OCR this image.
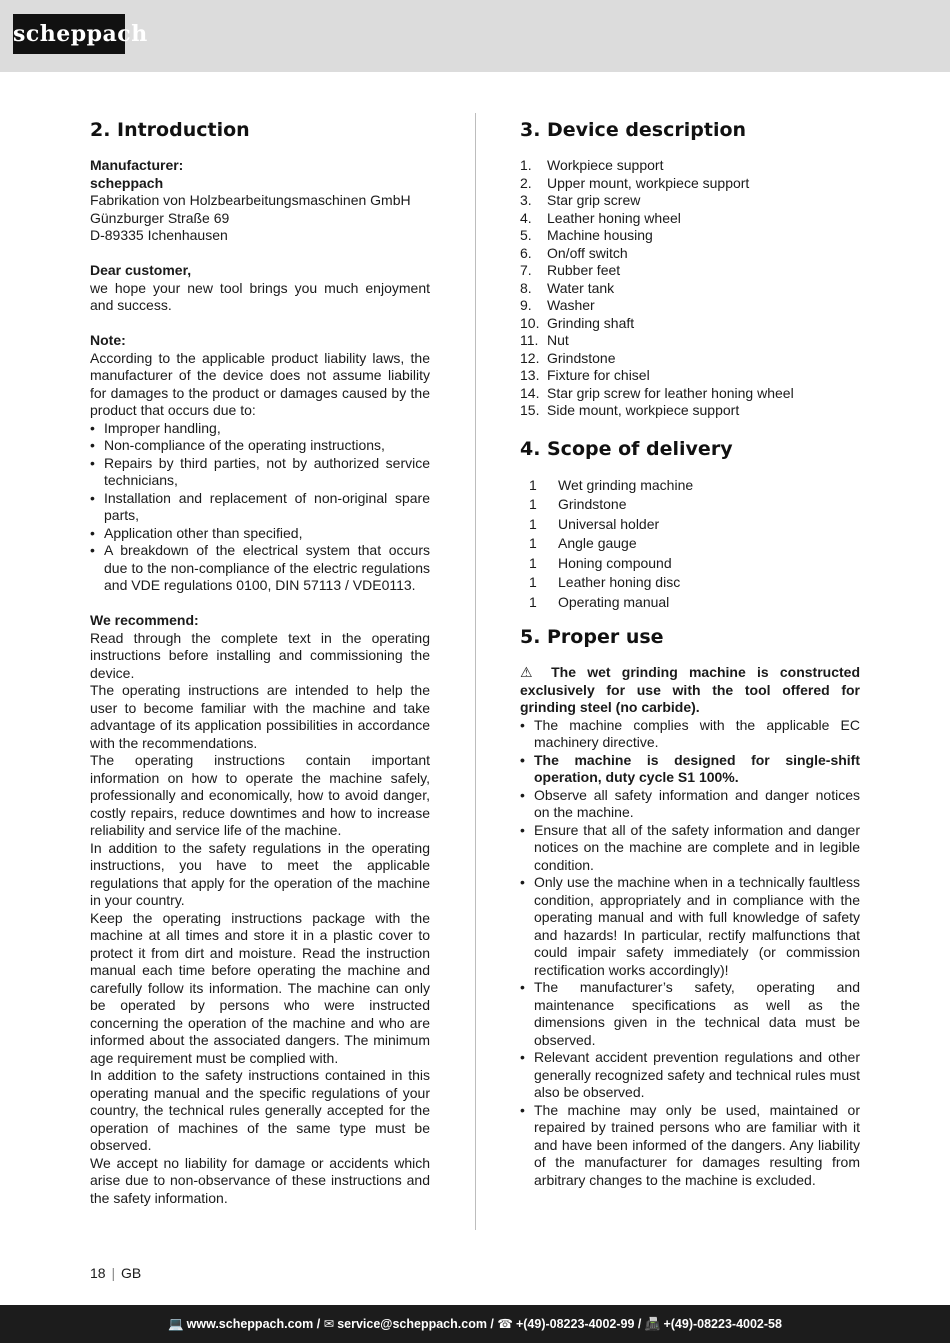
scheppach
2. Introduction
Manufacturer:
scheppach
Fabrikation von Holzbearbeitungsmaschinen GmbH
Günzburger Straße 69
D-89335 Ichenhausen
Dear customer,
we hope your new tool brings you much enjoyment and success.
Note:
According to the applicable product liability laws, the manufacturer of the device does not assume liability for damages to the product or damages caused by the product that occurs due to:
• Improper handling,
• Non-compliance of the operating instructions,
• Repairs by third parties, not by authorized service technicians,
• Installation and replacement of non-original spare parts,
• Application other than specified,
• A breakdown of the electrical system that occurs due to the non-compliance of the electric regulations and VDE regulations 0100, DIN 57113 / VDE0113.
We recommend:
Read through the complete text in the operating instructions before installing and commissioning the device.
The operating instructions are intended to help the user to become familiar with the machine and take advantage of its application possibilities in accordance with the recommendations.
The operating instructions contain important information on how to operate the machine safely, professionally and economically, how to avoid danger, costly repairs, reduce downtimes and how to increase reliability and service life of the machine.
In addition to the safety regulations in the operating instructions, you have to meet the applicable regulations that apply for the operation of the machine in your country.
Keep the operating instructions package with the machine at all times and store it in a plastic cover to protect it from dirt and moisture. Read the instruction manual each time before operating the machine and carefully follow its information. The machine can only be operated by persons who were instructed concerning the operation of the machine and who are informed about the associated dangers. The minimum age requirement must be complied with.
In addition to the safety instructions contained in this operating manual and the specific regulations of your country, the technical rules generally accepted for the operation of machines of the same type must be observed.
We accept no liability for damage or accidents which arise due to non-observance of these instructions and the safety information.
3. Device description
1.	Workpiece support
2.	Upper mount, workpiece support
3.	Star grip screw
4.	Leather honing wheel
5.	Machine housing
6.	On/off switch
7.	Rubber feet
8.	Water tank
9.	Washer
10. Grinding shaft
11. Nut
12. Grindstone
13. Fixture for chisel
14. Star grip screw for leather honing wheel
15. Side mount, workpiece support
4. Scope of delivery
1	Wet grinding machine
1	Grindstone
1	Universal holder
1	Angle gauge
1	Honing compound
1	Leather honing disc
1	Operating manual
5. Proper use
⚠ The wet grinding machine is constructed exclusively for use with the tool offered for grinding steel (no carbide).
• The machine complies with the applicable EC machinery directive.
• The machine is designed for single-shift operation, duty cycle S1 100%.
• Observe all safety information and danger notices on the machine.
• Ensure that all of the safety information and danger notices on the machine are complete and in legible condition.
• Only use the machine when in a technically faultless condition, appropriately and in compliance with the operating manual and with full knowledge of safety and hazards! In particular, rectify malfunctions that could impair safety immediately (or commission rectification works accordingly)!
• The manufacturer’s safety, operating and maintenance specifications as well as the dimensions given in the technical data must be observed.
• Relevant accident prevention regulations and other generally recognized safety and technical rules must also be observed.
• The machine may only be used, maintained or repaired by trained persons who are familiar with it and have been informed of the dangers. Any liability of the manufacturer for damages resulting from arbitrary changes to the machine is excluded.
18 | GB
💻 www.scheppach.com / ✉ service@scheppach.com / ☎ +(49)-08223-4002-99 / 📠 +(49)-08223-4002-58
